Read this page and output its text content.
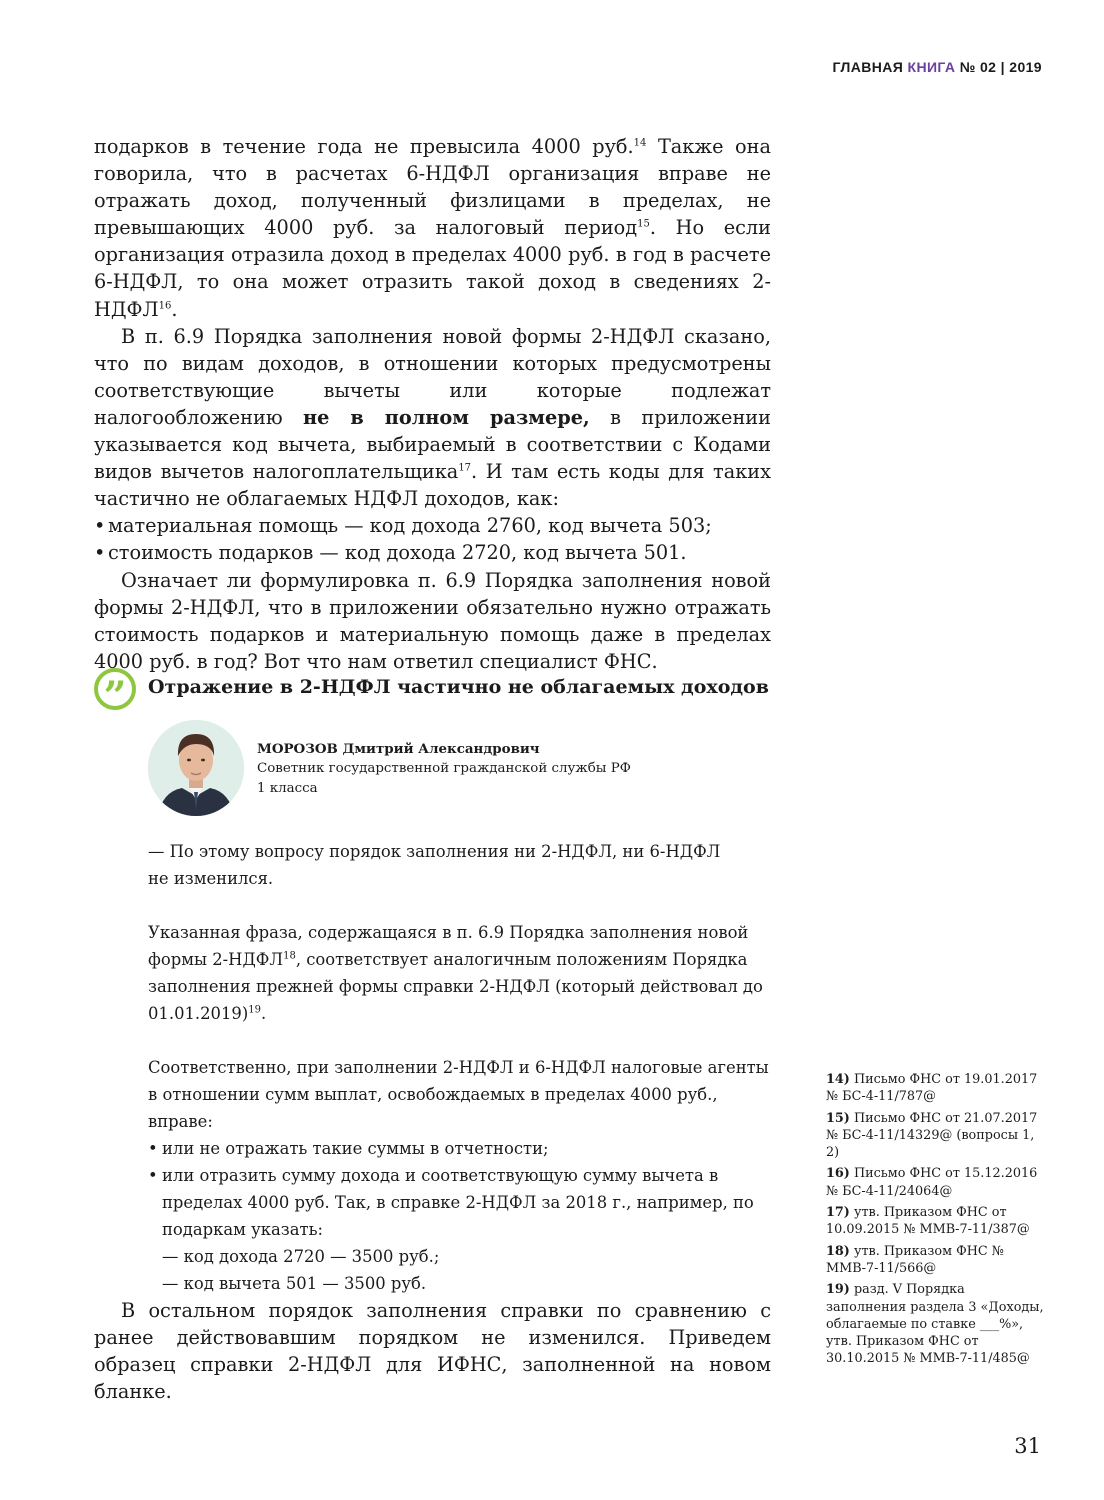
ГЛАВНАЯ КНИГА № 02 | 2019

подарков в течение года не превысила 4000 руб.$^{14}$ Также она говорила, что в расчетах 6-НДФЛ организация вправе не отражать доход, полученный физлицами в пределах, не превышающих 4000 руб. за налоговый период$^{15}$. Но если организация отразила доход в пределах 4000 руб. в год в расчете 6-НДФЛ, то она может отразить такой доход в сведениях 2-НДФЛ$^{16}$.

В п. 6.9 Порядка заполнения новой формы 2-НДФЛ сказано, что по видам доходов, в отношении которых предусмотрены соответствующие вычеты или которые подлежат налогообложению не в полном размере, в приложении указывается код вычета, выбираемый в соответствии с Кодами видов вычетов налогоплательщика$^{17}$. И там есть коды для таких частично не облагаемых НДФЛ доходов, как:

• материальная помощь — код дохода 2760, код вычета 503;

• стоимость подарков — код дохода 2720, код вычета 501.

Означает ли формулировка п. 6.9 Порядка заполнения новой формы 2-НДФЛ, что в приложении обязательно нужно отражать стоимость подарков и материальную помощь даже в пределах 4000 руб. в год? Вот что нам ответил специалист ФНС.

” Отражение в 2-НДФЛ частично не облагаемых доходов
МОРОЗОВ Дмитрий Александрович
Советник государственной гражданской службы РФ
1 класса

— По этому вопросу порядок заполнения ни 2-НДФЛ, ни 6-НДФЛ

не изменился.

Указанная фраза, содержащаяся в п. 6.9 Порядка заполнения новой формы 2-НДФЛ$^{18}$, соответствует аналогичным положениям Порядка заполнения прежней формы справки 2-НДФЛ (который действовал до 01.01.2019)$^{19}$.

Соответственно, при заполнении 2-НДФЛ и 6-НДФЛ налоговые агенты в отношении сумм выплат, освобождаемых в пределах 4000 руб., вправе:

• или не отражать такие суммы в отчетности;

• или отразить сумму дохода и соответствующую сумму вычета в пределах 4000 руб. Так, в справке 2-НДФЛ за 2018 г., например, по подаркам указать:

— код дохода 2720 — 3500 руб.;

— код вычета 501 — 3500 руб.

В остальном порядок заполнения справки по сравнению с ранее действовавшим порядком не изменился. Приведем образец справки 2-НДФЛ для ИФНС, заполненной на новом бланке.

14) Письмо ФНС от 19.01.2017 № БС-4-11/787@
15) Письмо ФНС от 21.07.2017 № БС-4-11/14329@ (вопросы 1, 2)
16) Письмо ФНС от 15.12.2016 № БС-4-11/24064@
17) утв. Приказом ФНС от 10.09.2015 № ММВ-7-11/387@
18) утв. Приказом ФНС № ММВ-7-11/566@
19) разд. V Порядка заполнения раздела 3 «Доходы, облагаемые по ставке ___%», утв. Приказом ФНС от 30.10.2015 № ММВ-7-11/485@
31
